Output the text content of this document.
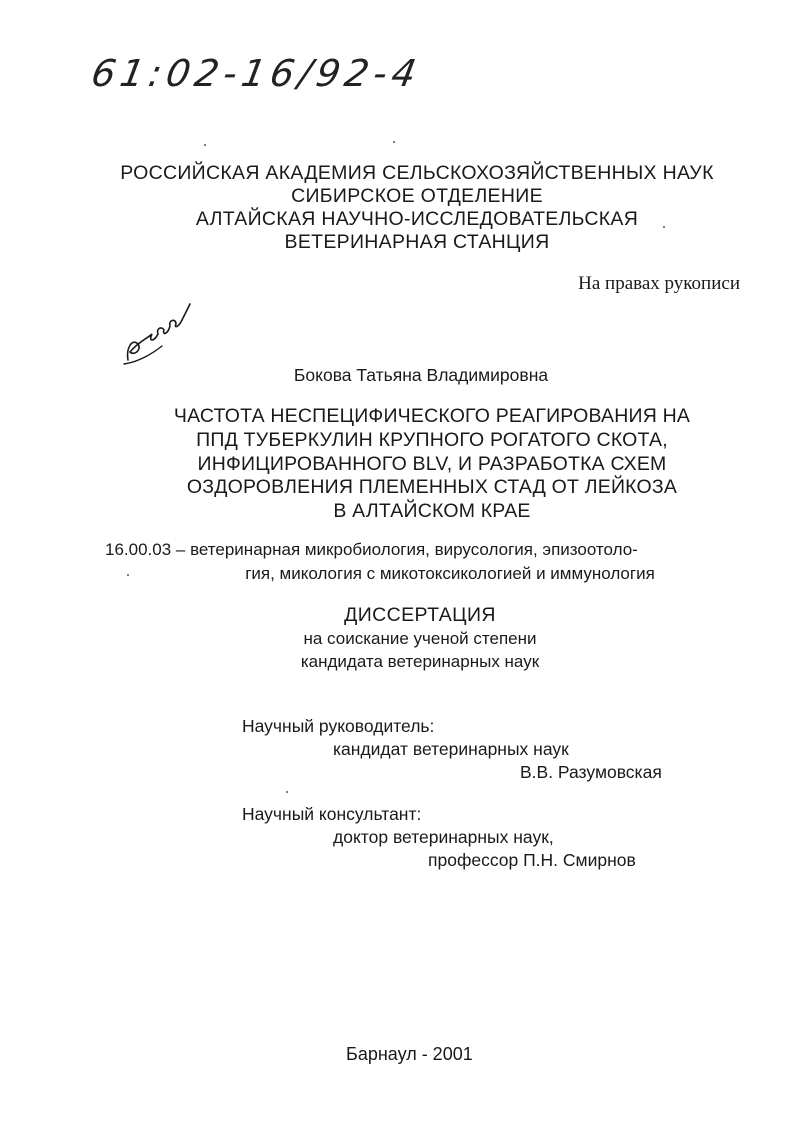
61:02-16/92-4
РОССИЙСКАЯ АКАДЕМИЯ СЕЛЬСКОХОЗЯЙСТВЕННЫХ НАУК
СИБИРСКОЕ ОТДЕЛЕНИЕ
АЛТАЙСКАЯ НАУЧНО-ИССЛЕДОВАТЕЛЬСКАЯ
ВЕТЕРИНАРНАЯ СТАНЦИЯ
На правах рукописи
Бокова Татьяна Владимировна
ЧАСТОТА НЕСПЕЦИФИЧЕСКОГО РЕАГИРОВАНИЯ НА
ППД ТУБЕРКУЛИН КРУПНОГО РОГАТОГО СКОТА,
ИНФИЦИРОВАННОГО BLV, И РАЗРАБОТКА СХЕМ
ОЗДОРОВЛЕНИЯ ПЛЕМЕННЫХ СТАД ОТ ЛЕЙКОЗА
В АЛТАЙСКОМ КРАЕ
16.00.03 – ветеринарная микробиология, вирусология, эпизоотоло-
гия, микология с микотоксикологией и иммунология
ДИССЕРТАЦИЯ
на соискание ученой степени
кандидата ветеринарных наук
Научный руководитель:
кандидат ветеринарных наук
В.В. Разумовская
Научный консультант:
доктор ветеринарных наук,
профессор П.Н. Смирнов
Барнаул - 2001
